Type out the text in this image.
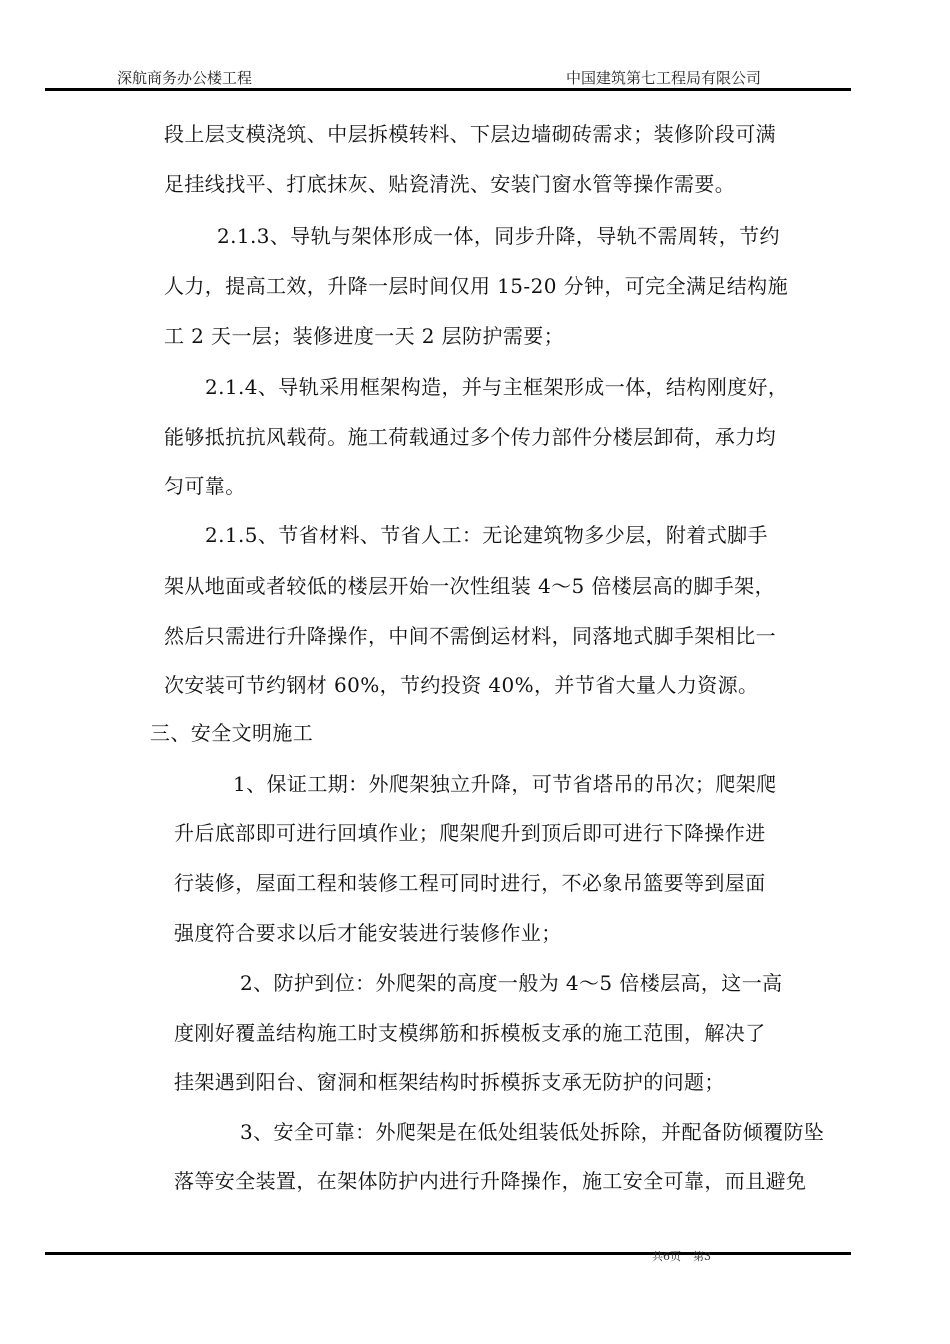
深航商务办公楼工程	中国建筑第七工程局有限公司
段上层支模浇筑、中层拆模转料、下层边墙砌砖需求；装修阶段可满
足挂线找平、打底抹灰、贴瓷清洗、安装门窗水管等操作需要。
2.1.3、导轨与架体形成一体，同步升降，导轨不需周转，节约
人力，提高工效，升降一层时间仅用 15-20 分钟，可完全满足结构施
工 2 天一层；装修进度一天 2 层防护需要；
2.1.4、导轨采用框架构造，并与主框架形成一体，结构刚度好，
能够抵抗抗风载荷。施工荷载通过多个传力部件分楼层卸荷，承力均
匀可靠。
2.1.5、节省材料、节省人工：无论建筑物多少层，附着式脚手
架从地面或者较低的楼层开始一次性组装 4～5 倍楼层高的脚手架，
然后只需进行升降操作，中间不需倒运材料，同落地式脚手架相比一
次安装可节约钢材 60%，节约投资 40%，并节省大量人力资源。
三、安全文明施工
1、保证工期：外爬架独立升降，可节省塔吊的吊次；爬架爬
升后底部即可进行回填作业；爬架爬升到顶后即可进行下降操作进
行装修，屋面工程和装修工程可同时进行，不必象吊篮要等到屋面
强度符合要求以后才能安装进行装修作业；
2、防护到位：外爬架的高度一般为 4～5 倍楼层高，这一高
度刚好覆盖结构施工时支模绑筋和拆模板支承的施工范围，解决了
挂架遇到阳台、窗洞和框架结构时拆模拆支承无防护的问题；
3、安全可靠：外爬架是在低处组装低处拆除，并配备防倾覆防坠
落等安全装置，在架体防护内进行升降操作，施工安全可靠，而且避免
共6页 第3
